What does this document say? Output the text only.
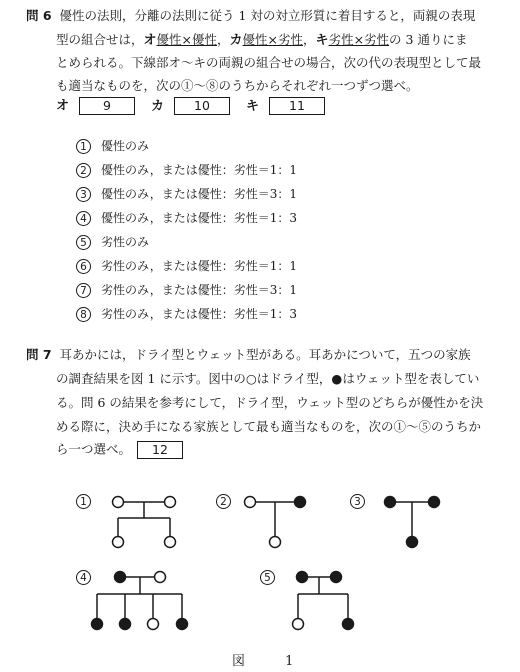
問 6 優性の法則，分離の法則に従う 1 対の対立形質に着目すると，両親の表現
型の組合せは，オ優性×優性，カ優性×劣性，キ劣性×劣性の 3 通りにま
とめられる。下線部オ～キの両親の組合せの場合，次の代の表現型として最
も適当なものを，次の①～⑧のうちからそれぞれ一つずつ選べ。
オ	9	カ 10	キ 11
1 優性のみ
2 優性のみ，または優性：劣性＝1：1
3 優性のみ，または優性：劣性＝3：1
4 優性のみ，または優性：劣性＝1：3
5 劣性のみ
6 劣性のみ，または優性：劣性＝1：1
7 劣性のみ，または優性：劣性＝3：1
8 劣性のみ，または優性：劣性＝1：3
問 7 耳あかには，ドライ型とウェット型がある。耳あかについて，五つの家族
の調査結果を図 1 に示す。図中の○はドライ型，●はウェット型を表してい
る。問 6 の結果を参考にして，ドライ型，ウェット型のどちらが優性かを決
める際に，決め手になる家族として最も適当なものを，次の①～⑤のうちか
ら一つ選べ。 12
1	2	3
4	5
図 1
